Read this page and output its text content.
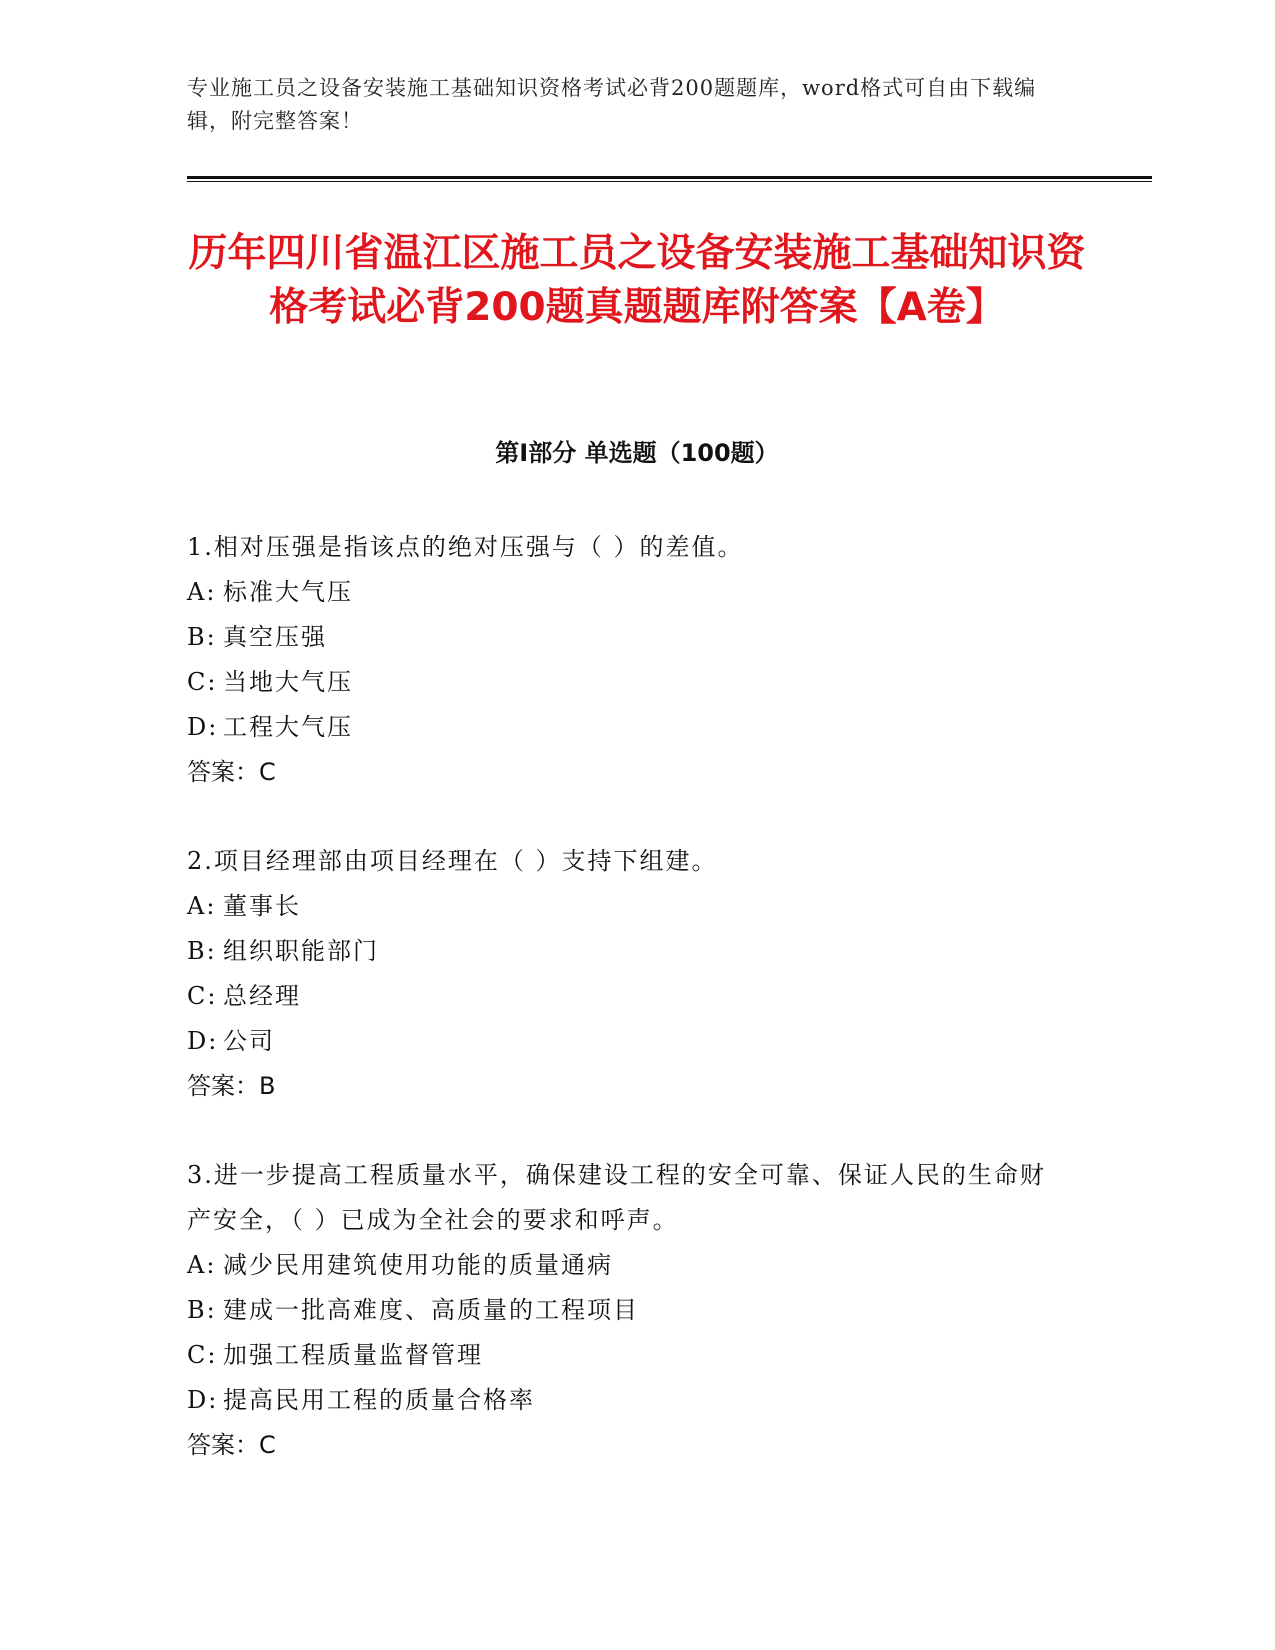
专业施工员之设备安装施工基础知识资格考试必背200题题库，word格式可自由下载编辑，附完整答案！
历年四川省温江区施工员之设备安装施工基础知识资格考试必背200题真题题库附答案【A卷】
第Ⅰ部分 单选题（100题）

1.相对压强是指该点的绝对压强与（ ）的差值。

A: 标准大气压

B: 真空压强

C: 当地大气压

D: 工程大气压

答案：C

2.项目经理部由项目经理在（ ）支持下组建。

A: 董事长

B: 组织职能部门

C: 总经理

D: 公司

答案：B

3.进一步提高工程质量水平，确保建设工程的安全可靠、保证人民的生命财产安全，（ ）已成为全社会的要求和呼声。

A: 减少民用建筑使用功能的质量通病

B: 建成一批高难度、高质量的工程项目

C: 加强工程质量监督管理

D: 提高民用工程的质量合格率

答案：C
